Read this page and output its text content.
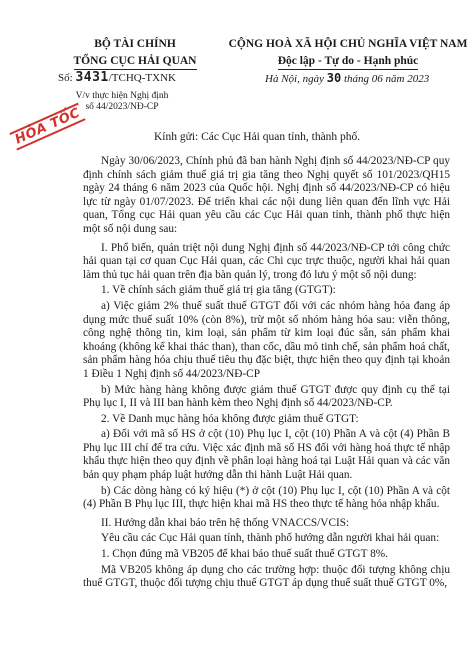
BỘ TÀI CHÍNH
TỔNG CỤC HẢI QUAN
CỘNG HOÀ XÃ HỘI CHỦ NGHĨA VIỆT NAM
Độc lập - Tự do - Hạnh phúc
Số: 3431/TCHQ-TXNK	Hà Nội, ngày 30 tháng 06 năm 2023
V/v thực hiện Nghị định
số 44/2023/NĐ-CP
HỎA TỐC	Kính gửi: Các Cục Hải quan tỉnh, thành phố.

Ngày 30/06/2023, Chính phủ đã ban hành Nghị định số 44/2023/NĐ-CP quy định chính sách giảm thuế giá trị gia tăng theo Nghị quyết số 101/2023/QH15 ngày 24 tháng 6 năm 2023 của Quốc hội. Nghị định số 44/2023/NĐ-CP có hiệu lực từ ngày 01/07/2023. Để triển khai các nội dung liên quan đến lĩnh vực Hải quan, Tổng cục Hải quan yêu cầu các Cục Hải quan tỉnh, thành phố thực hiện một số nội dung sau:

I. Phổ biến, quán triệt nội dung Nghị định số 44/2023/NĐ-CP tới công chức hải quan tại cơ quan Cục Hải quan, các Chi cục trực thuộc, người khai hải quan làm thủ tục hải quan trên địa bàn quản lý, trong đó lưu ý một số nội dung:

1. Về chính sách giảm thuế giá trị gia tăng (GTGT):

a) Việc giảm 2% thuế suất thuế GTGT đối với các nhóm hàng hóa đang áp dụng mức thuế suất 10% (còn 8%), trừ một số nhóm hàng hóa sau: viễn thông, công nghệ thông tin, kim loại, sản phẩm từ kim loại đúc sẵn, sản phẩm khai khoáng (không kể khai thác than), than cốc, dầu mỏ tinh chế, sản phẩm hoá chất, sản phẩm hàng hóa chịu thuế tiêu thụ đặc biệt, thực hiện theo quy định tại khoản 1 Điều 1 Nghị định số 44/2023/NĐ-CP

b) Mức hàng hàng không được giảm thuế GTGT được quy định cụ thể tại Phụ lục I, II và III ban hành kèm theo Nghị định số 44/2023/NĐ-CP.

2. Về Danh mục hàng hóa không được giảm thuế GTGT:

a) Đối với mã số HS ở cột (10) Phụ lục I, cột (10) Phần A và cột (4) Phần B Phụ lục III chỉ để tra cứu. Việc xác định mã số HS đối với hàng hoá thực tế nhập khẩu thực hiện theo quy định về phân loại hàng hoá tại Luật Hải quan và các văn bản quy phạm pháp luật hướng dẫn thi hành Luật Hải quan.

b) Các dòng hàng có ký hiệu (*) ở cột (10) Phụ lục I, cột (10) Phần A và cột (4) Phần B Phụ lục III, thực hiện khai mã HS theo thực tế hàng hóa nhập khẩu.

II. Hướng dẫn khai báo trên hệ thống VNACCS/VCIS:

Yêu cầu các Cục Hải quan tỉnh, thành phố hướng dẫn người khai hải quan:

1. Chọn đúng mã VB205 để khai báo thuế suất thuế GTGT 8%.

Mã VB205 không áp dụng cho các trường hợp: thuộc đối tượng không chịu thuế GTGT, thuộc đối tượng chịu thuế GTGT áp dụng thuế suất thuế GTGT 0%,
